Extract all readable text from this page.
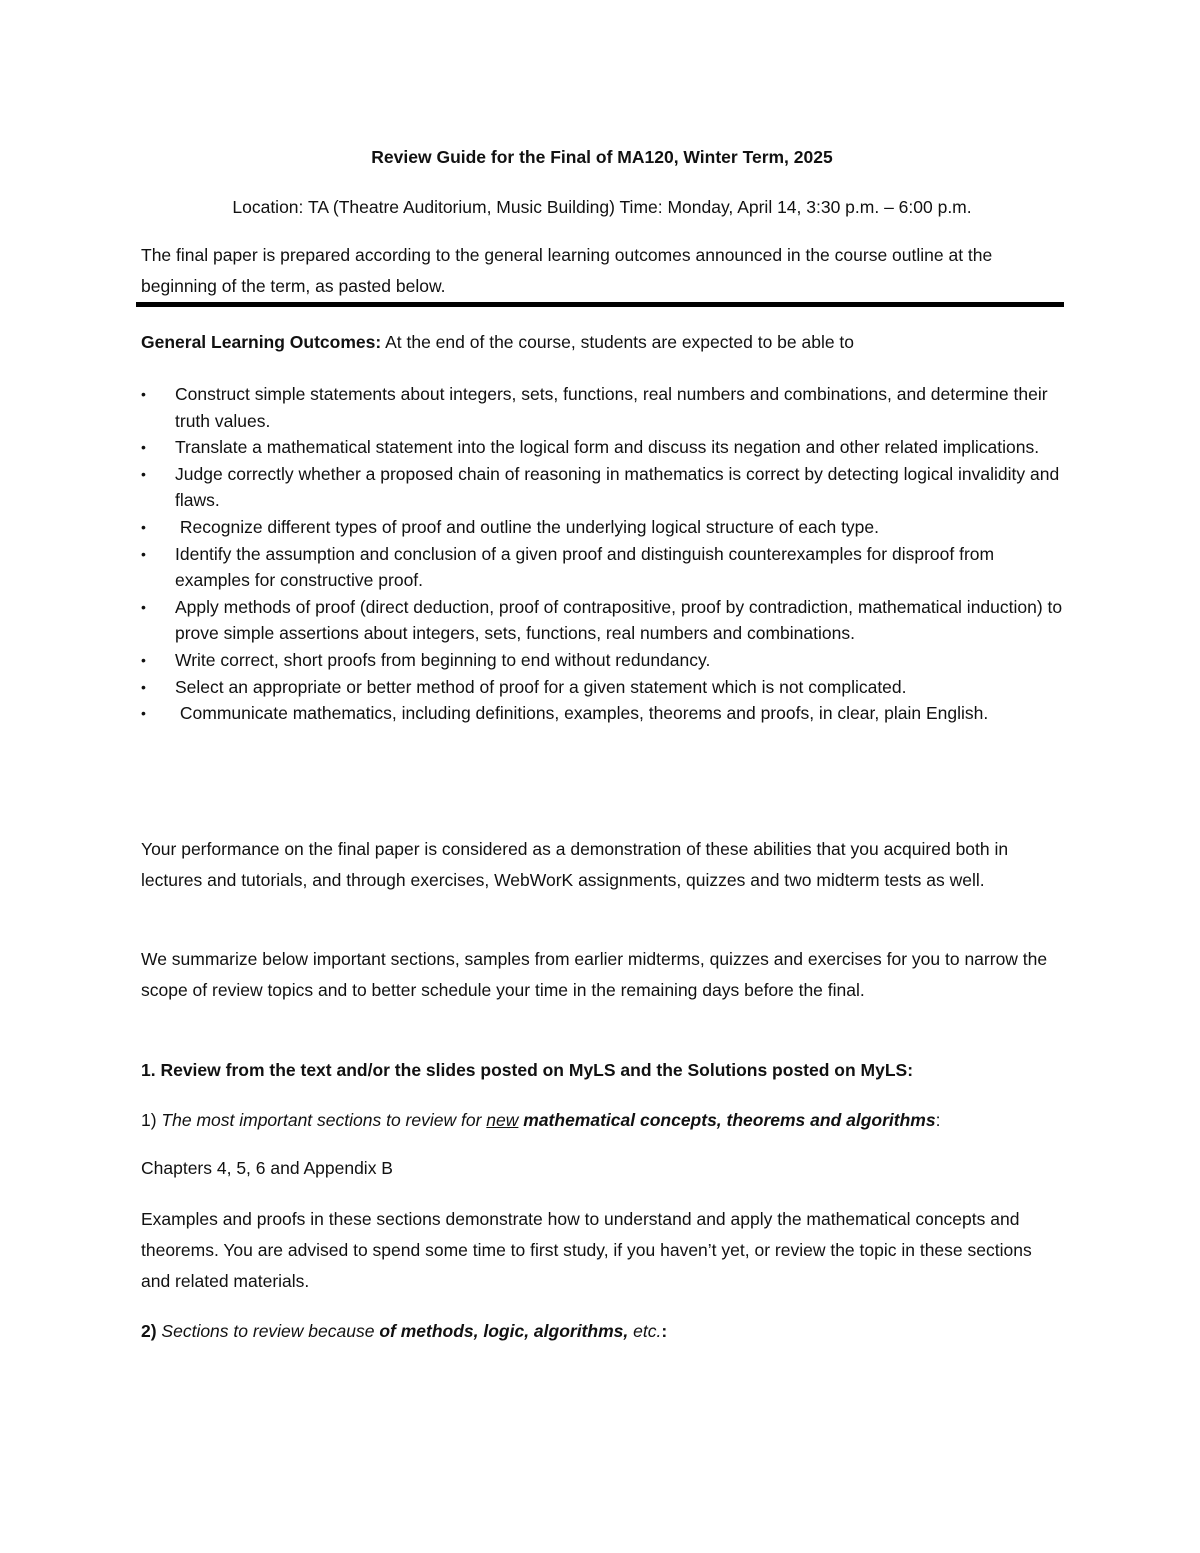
Review Guide for the Final of MA120, Winter Term, 2025
Location: TA (Theatre Auditorium, Music Building) Time: Monday, April 14, 3:30 p.m. – 6:00 p.m.
The final paper is prepared according to the general learning outcomes announced in the course outline at the beginning of the term, as pasted below.
General Learning Outcomes: At the end of the course, students are expected to be able to
• Construct simple statements about integers, sets, functions, real numbers and combinations, and determine their truth values.
• Translate a mathematical statement into the logical form and discuss its negation and other related implications.
• Judge correctly whether a proposed chain of reasoning in mathematics is correct by detecting logical invalidity and flaws.
• Recognize different types of proof and outline the underlying logical structure of each type.
• Identify the assumption and conclusion of a given proof and distinguish counterexamples for disproof from examples for constructive proof.
• Apply methods of proof (direct deduction, proof of contrapositive, proof by contradiction, mathematical induction) to prove simple assertions about integers, sets, functions, real numbers and combinations.
• Write correct, short proofs from beginning to end without redundancy.
• Select an appropriate or better method of proof for a given statement which is not complicated.
• Communicate mathematics, including definitions, examples, theorems and proofs, in clear, plain English.
Your performance on the final paper is considered as a demonstration of these abilities that you acquired both in lectures and tutorials, and through exercises, WebWorK assignments, quizzes and two midterm tests as well.
We summarize below important sections, samples from earlier midterms, quizzes and exercises for you to narrow the scope of review topics and to better schedule your time in the remaining days before the final.
1. Review from the text and/or the slides posted on MyLS and the Solutions posted on MyLS:
1) The most important sections to review for new mathematical concepts, theorems and algorithms:
Chapters 4, 5, 6 and Appendix B
Examples and proofs in these sections demonstrate how to understand and apply the mathematical concepts and theorems. You are advised to spend some time to first study, if you haven’t yet, or review the topic in these sections and related materials.
2) Sections to review because of methods, logic, algorithms, etc.:
